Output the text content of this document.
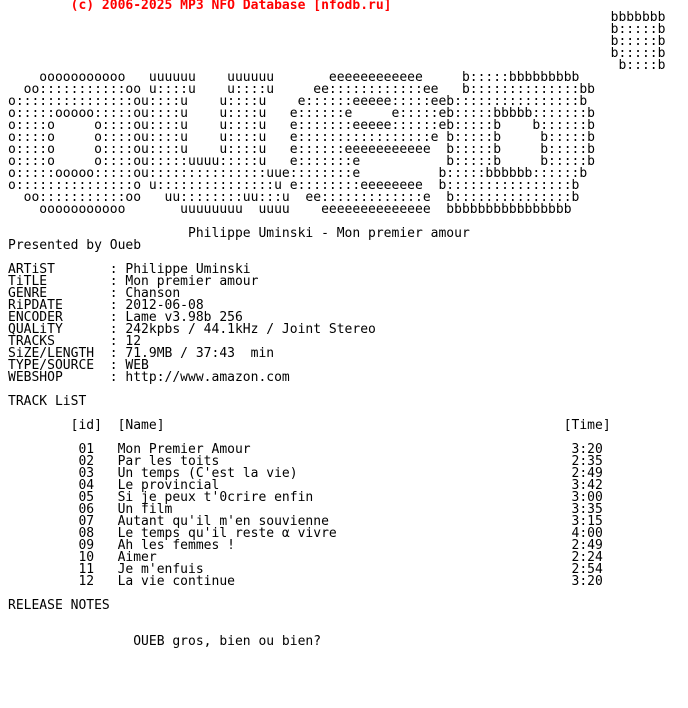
(c) 2006-2025 MP3 NFO Database [nfodb.ru]
bbbbbbb
b:::::b
b:::::b
b:::::b
b::::b
ooooooooooo   uuuuuu    uuuuuu       eeeeeeeeeeee     b:::::bbbbbbbbb
oo:::::::::::oo u::::u    u::::u     ee::::::::::::ee   b::::::::::::::bb
o:::::::::::::::ou::::u    u::::u    e::::::eeeee:::::eeb::::::::::::::::b
o:::::ooooo:::::ou::::u    u::::u   e::::::e     e:::::eb:::::bbbbb:::::::b
o::::o     o::::ou::::u    u::::u   e:::::::eeeee::::::eb:::::b    b::::::b
o::::o     o::::ou::::u    u::::u   e:::::::::::::::::e b:::::b     b:::::b
o::::o     o::::ou::::u    u::::u   e::::::eeeeeeeeeee  b:::::b     b:::::b
o::::o     o::::ou:::::uuuu:::::u   e:::::::e           b:::::b     b:::::b
o:::::ooooo:::::ou:::::::::::::::uue::::::::e          b:::::bbbbbb::::::b
o:::::::::::::::o u:::::::::::::::u e::::::::eeeeeeee  b::::::::::::::::b
oo:::::::::::oo   uu::::::::uu:::u  ee:::::::::::::e  b:::::::::::::::b
ooooooooooo       uuuuuuuu  uuuu    eeeeeeeeeeeeee  bbbbbbbbbbbbbbbb
Philippe Uminski - Mon premier amour
Presented by Oueb
ARTiST       : Philippe Uminski
TiTLE        : Mon premier amour
GENRE        : Chanson
RiPDATE      : 2012-06-08
ENCODER      : Lame v3.98b 256
QUALiTY      : 242kpbs / 44.1kHz / Joint Stereo
TRACKS       : 12
SiZE/LENGTH  : 71.9MB / 37:43  min
TYPE/SOURCE  : WEB
WEBSHOP      : http://www.amazon.com
TRACK LiST
[id]  [Name]                                                   [Time]
01   Mon Premier Amour                                         3:20
02   Par les toits                                             2:35
03   Un temps (C'est la vie)                                   2:49
04   Le provincial                                             3:42
05   Si je peux t'0crire enfin                                 3:00
06   Un film                                                   3:35
07   Autant qu'il m'en souvienne                               3:15
08   Le temps qu'il reste α vivre                              4:00
09   Ah les femmes !                                           2:49
10   Aimer                                                     2:24
11   Je m'enfuis                                               2:54
12   La vie continue                                           3:20
RELEASE NOTES
OUEB gros, bien ou bien?
